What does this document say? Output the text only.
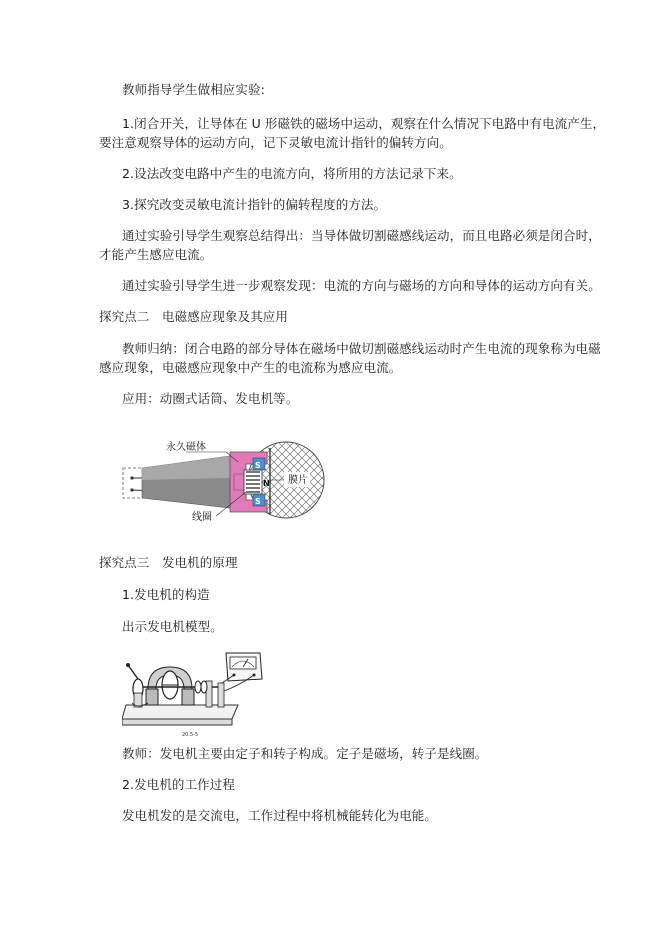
教师指导学生做相应实验:
1.闭合开关，让导体在 U 形磁铁的磁场中运动，观察在什么情况下电路中有电流产生，
要注意观察导体的运动方向，记下灵敏电流计指针的偏转方向。
2.设法改变电路中产生的电流方向，将所用的方法记录下来。
3.探究改变灵敏电流计指针的偏转程度的方法。
通过实验引导学生观察总结得出：当导体做切割磁感线运动，而且电路必须是闭合时，
才能产生感应电流。
通过实验引导学生进一步观察发现：电流的方向与磁场的方向和导体的运动方向有关。
探究点二　电磁感应现象及其应用
教师归纳：闭合电路的部分导体在磁场中做切割磁感线运动时产生电流的现象称为电磁
感应现象，电磁感应现象中产生的电流称为感应电流。
应用：动圈式话筒、发电机等。
永久磁体
膜片
线圈
S
N
S
探究点三　发电机的原理
1.发电机的构造
出示发电机模型。
20.5-5
教师：发电机主要由定子和转子构成。定子是磁场，转子是线圈。
2.发电机的工作过程
发电机发的是交流电，工作过程中将机械能转化为电能。
